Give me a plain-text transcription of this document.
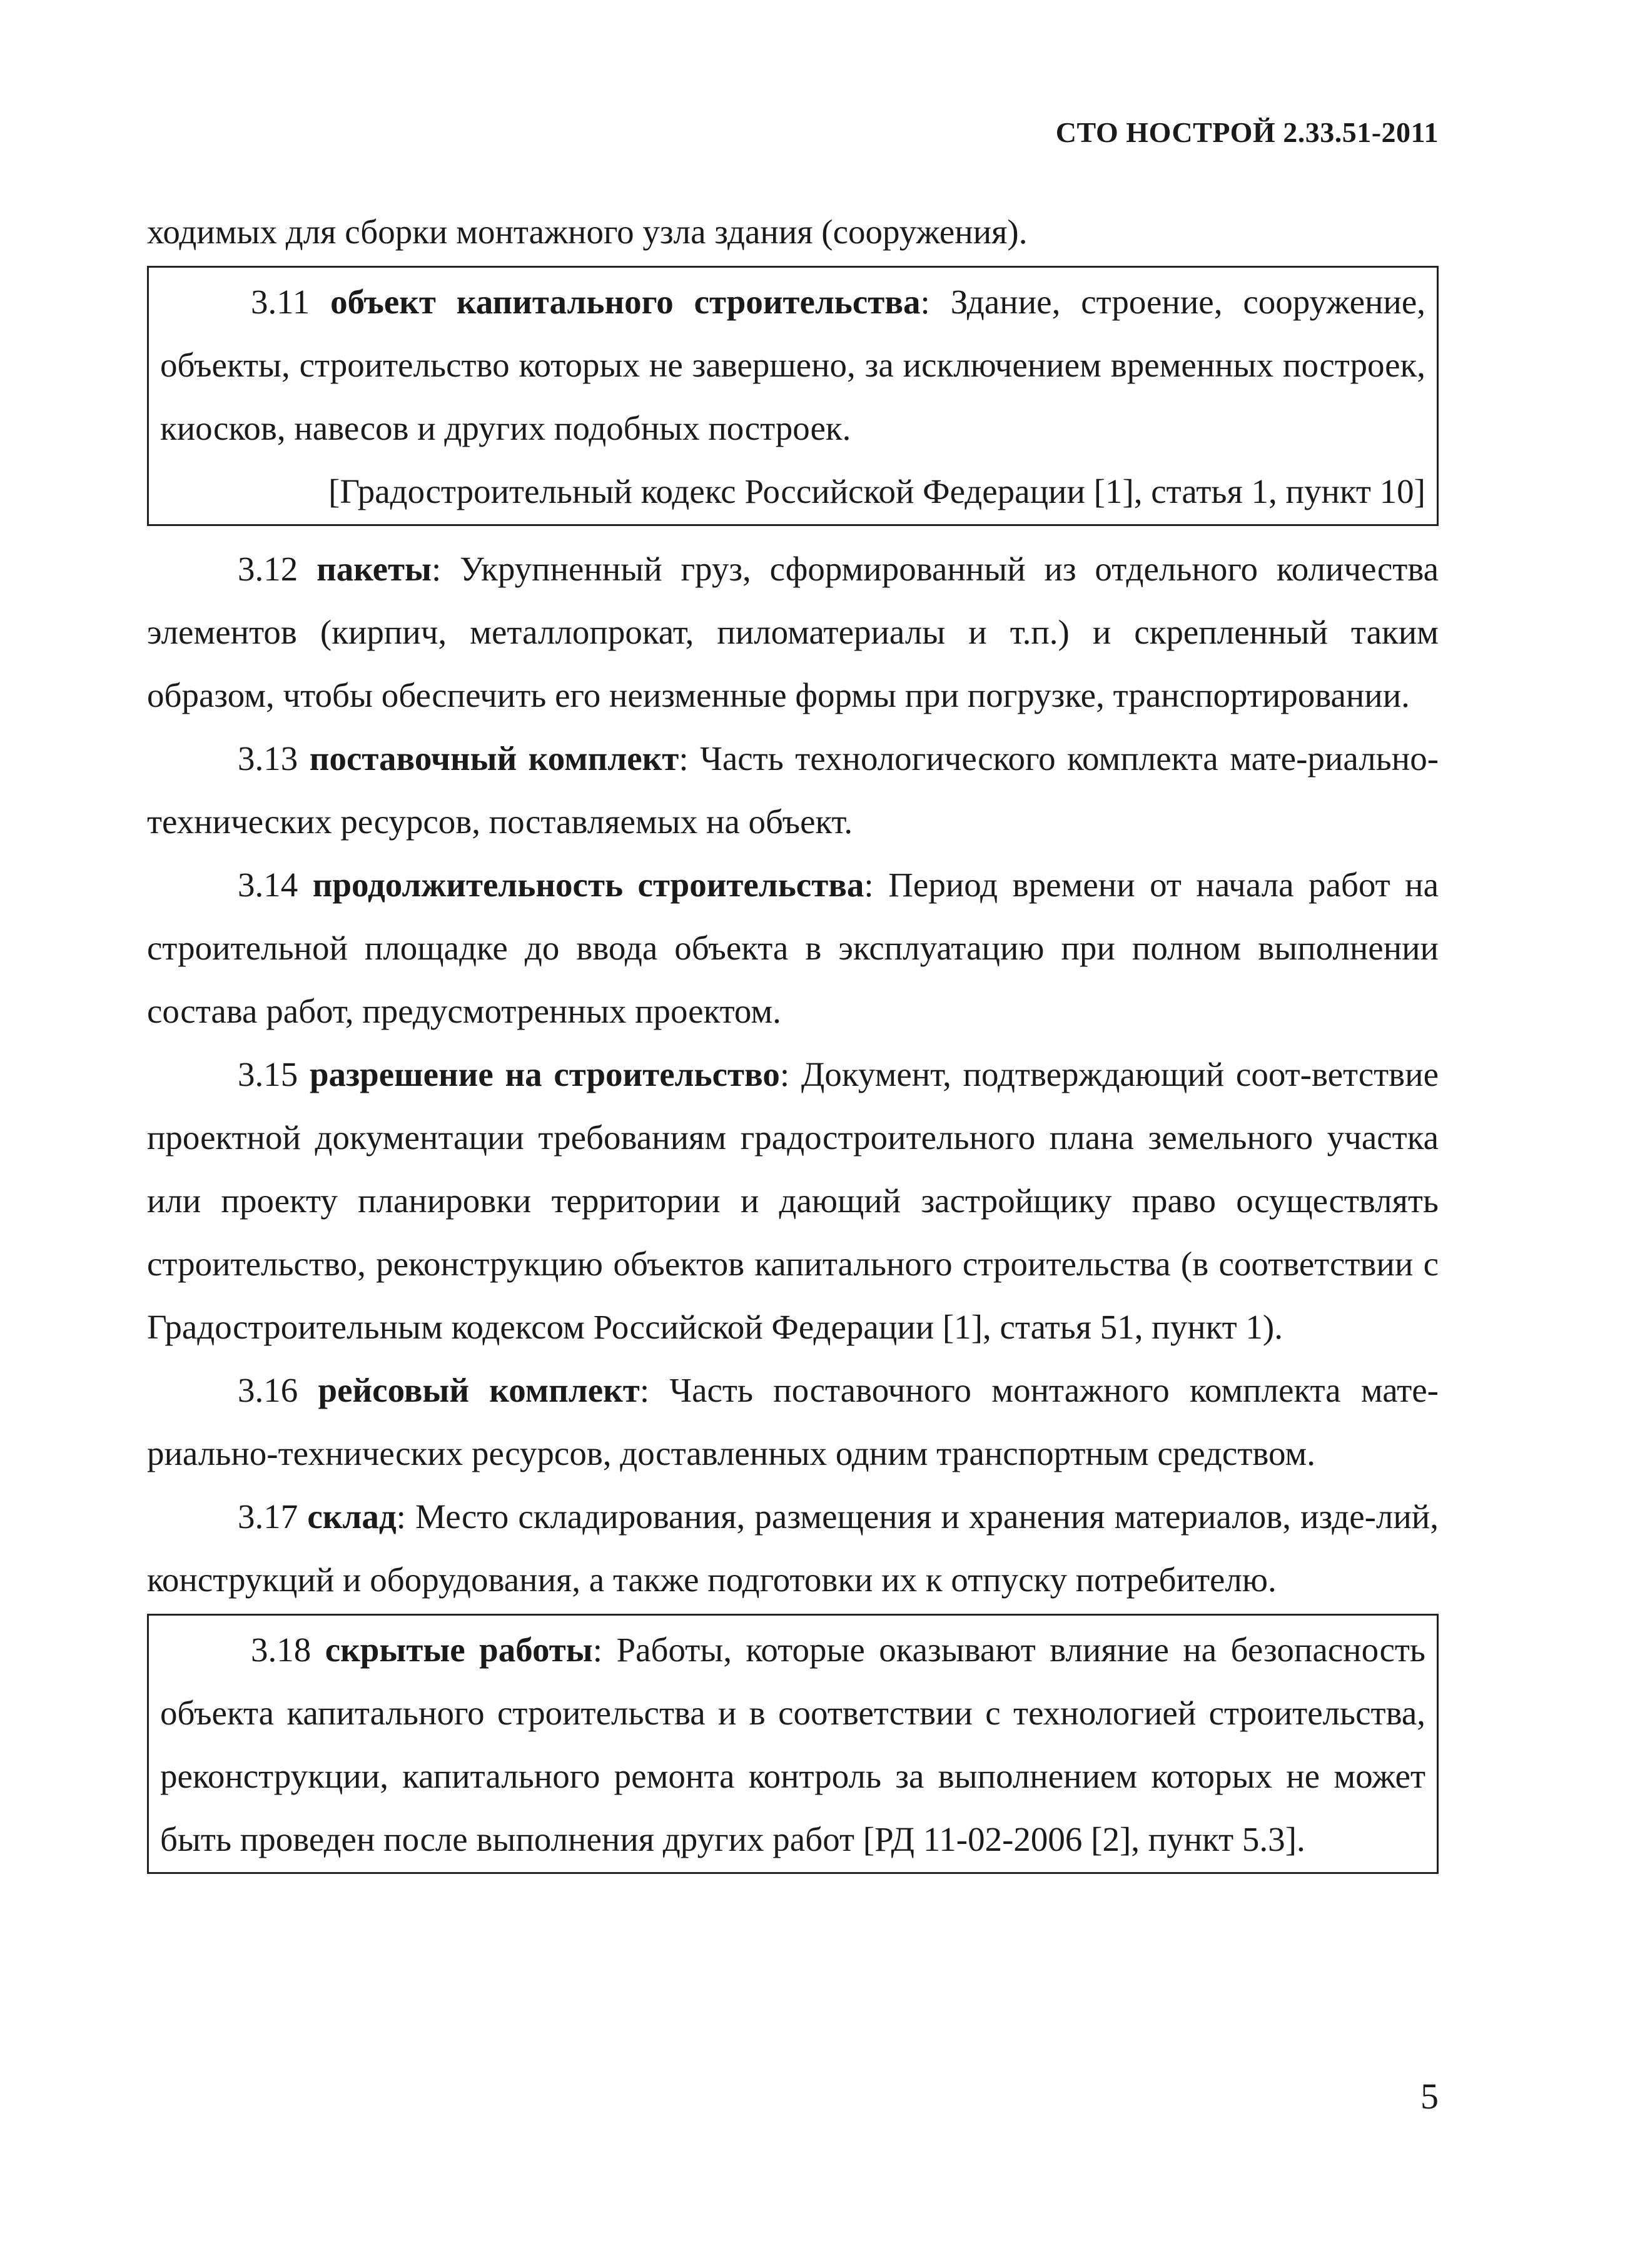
СТО НОСТРОЙ 2.33.51-2011

ходимых для сборки монтажного узла здания (сооружения).

3.11 объект капитального строительства: Здание, строение, сооружение, объекты, строительство которых не завершено, за исключением временных построек, киосков, навесов и других подобных построек.

[Градостроительный кодекс Российской Федерации [1], статья 1, пункт 10]

3.12 пакеты: Укрупненный груз, сформированный из отдельного количества элементов (кирпич, металлопрокат, пиломатериалы и т.п.) и скрепленный таким образом, чтобы обеспечить его неизменные формы при погрузке, транспортировании.

3.13 поставочный комплект: Часть технологического комплекта мате-риально-технических ресурсов, поставляемых на объект.

3.14 продолжительность строительства: Период времени от начала работ на строительной площадке до ввода объекта в эксплуатацию при полном выполнении состава работ, предусмотренных проектом.

3.15 разрешение на строительство: Документ, подтверждающий соот-ветствие проектной документации требованиям градостроительного плана земельного участка или проекту планировки территории и дающий застройщику право осуществлять строительство, реконструкцию объектов капитального строительства (в соответствии с Градостроительным кодексом Российской Федерации [1], статья 51, пункт 1).

3.16 рейсовый комплект: Часть поставочного монтажного комплекта мате-риально-технических ресурсов, доставленных одним транспортным средством.

3.17 склад: Место складирования, размещения и хранения материалов, изде-лий, конструкций и оборудования, а также подготовки их к отпуску потребителю.

3.18 скрытые работы: Работы, которые оказывают влияние на безопасность объекта капитального строительства и в соответствии с технологией строительства, реконструкции, капитального ремонта контроль за выполнением которых не может быть проведен после выполнения других работ [РД 11-02-2006 [2], пункт 5.3].

5
